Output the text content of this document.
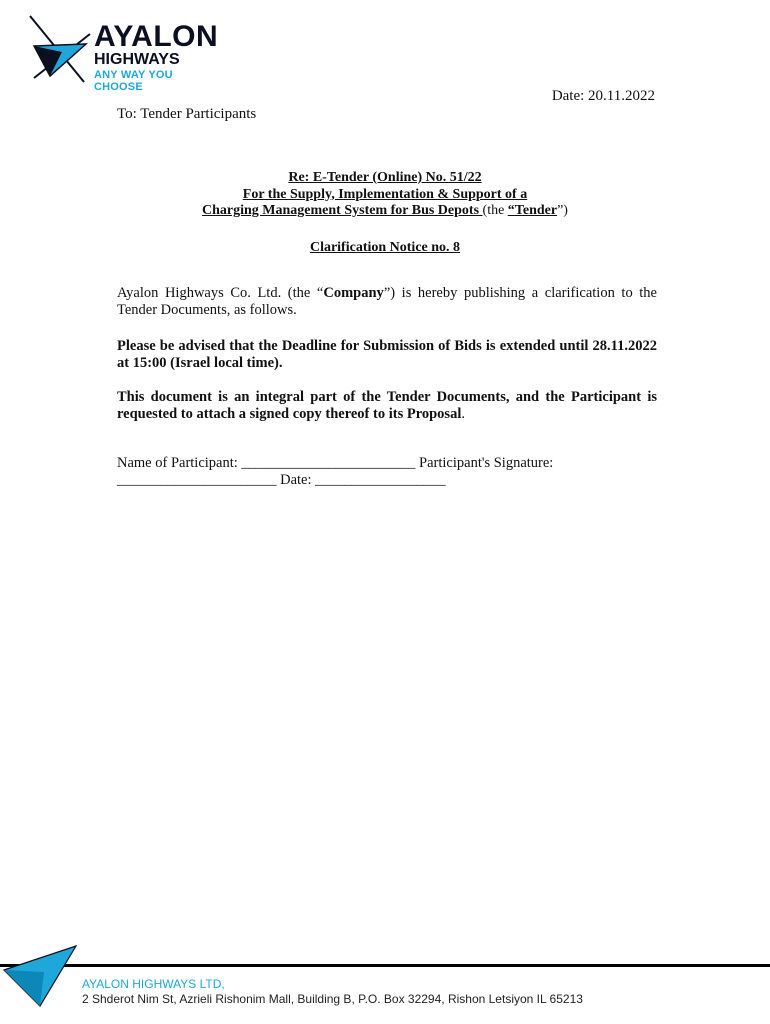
AYALON
HIGHWAYS
ANY WAY YOU CHOOSE
Date: 20.11.2022
To: Tender Participants
Re: E-Tender (Online) No. 51/22
For the Supply, Implementation & Support of a
Charging Management System for Bus Depots (the “Tender”)
Clarification Notice no. 8
Ayalon Highways Co. Ltd. (the “Company”) is hereby publishing a clarification to the Tender Documents, as follows.
Please be advised that the Deadline for Submission of Bids is extended until 28.11.2022 at 15:00 (Israel local time).
This document is an integral part of the Tender Documents, and the Participant is requested to attach a signed copy thereof to its Proposal.
Name of Participant: ________________________ Participant's Signature:
______________________ Date: __________________
AYALON HIGHWAYS LTD,
2 Shderot Nim St, Azrieli Rishonim Mall, Building B, P.O. Box 32294, Rishon Letsiyon IL 65213
